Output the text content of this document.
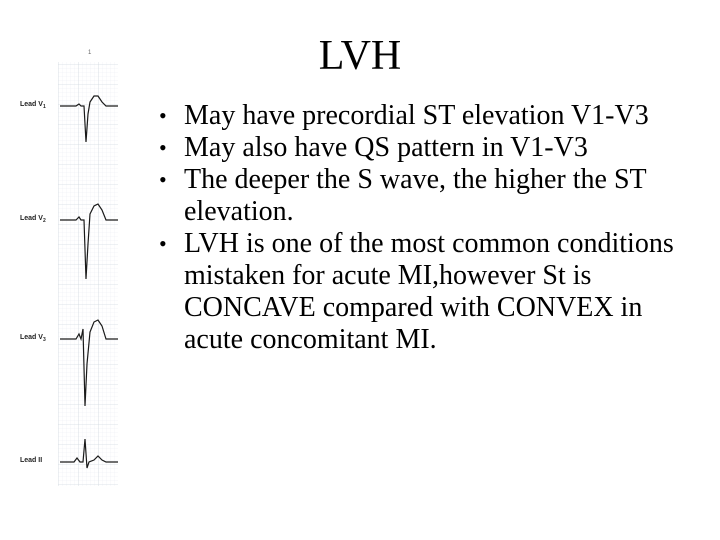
1
Lead $V_1$
Lead $V_2$
Lead $V_3$
Lead II
LVH
• May have precordial ST elevation V1-V3
• May also have QS pattern in V1-V3
• The deeper the S wave, the higher the ST elevation.
• LVH is one of the most common conditions mistaken for acute MI,however St is CONCAVE compared with CONVEX in acute concomitant MI.
